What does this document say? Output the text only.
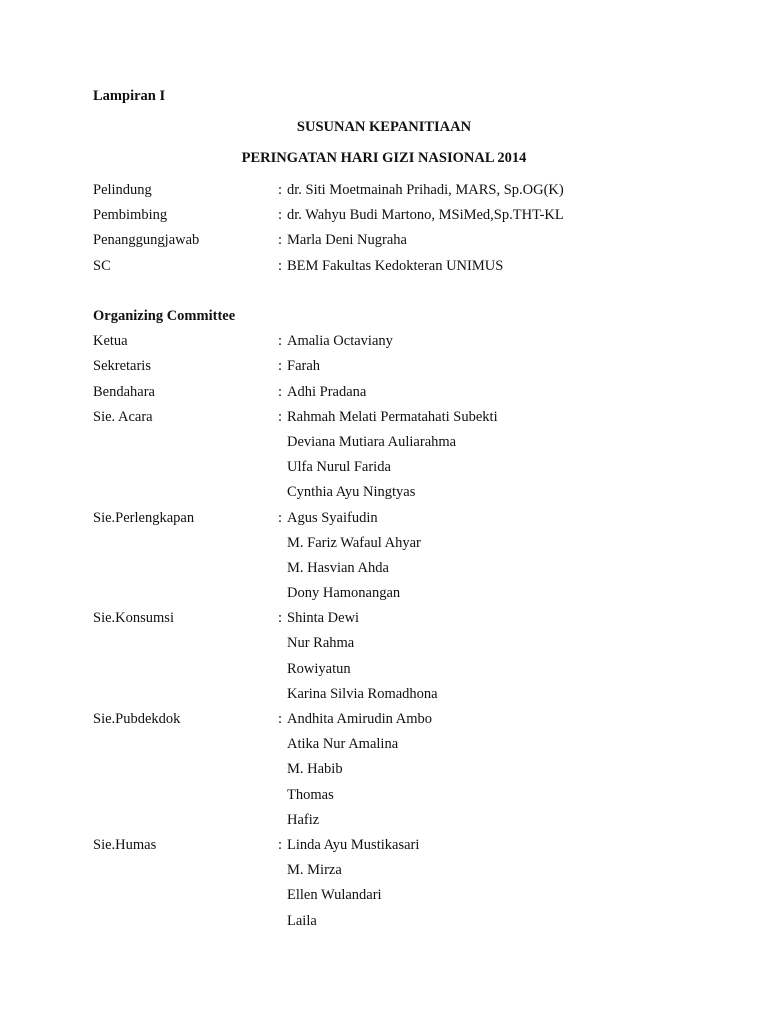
Lampiran I
SUSUNAN KEPANITIAAN
PERINGATAN HARI GIZI NASIONAL 2014
Pelindung	: dr. Siti Moetmainah Prihadi, MARS, Sp.OG(K)
Pembimbing	: dr. Wahyu Budi Martono, MSiMed,Sp.THT-KL
Penanggungjawab	: Marla Deni Nugraha
SC	: BEM Fakultas Kedokteran UNIMUS
Organizing Committee
Ketua	: Amalia Octaviany
Sekretaris	: Farah
Bendahara	: Adhi Pradana
Sie. Acara	: Rahmah Melati Permatahati Subekti
Deviana Mutiara Auliarahma
Ulfa Nurul Farida
Cynthia Ayu Ningtyas
Sie.Perlengkapan	: Agus Syaifudin
M. Fariz Wafaul Ahyar
M. Hasvian Ahda
Dony Hamonangan
Sie.Konsumsi	: Shinta Dewi
Nur Rahma
Rowiyatun
Karina Silvia Romadhona
Sie.Pubdekdok	: Andhita Amirudin Ambo
Atika Nur Amalina
M. Habib
Thomas
Hafiz
Sie.Humas	: Linda Ayu Mustikasari
M. Mirza
Ellen Wulandari
Laila
